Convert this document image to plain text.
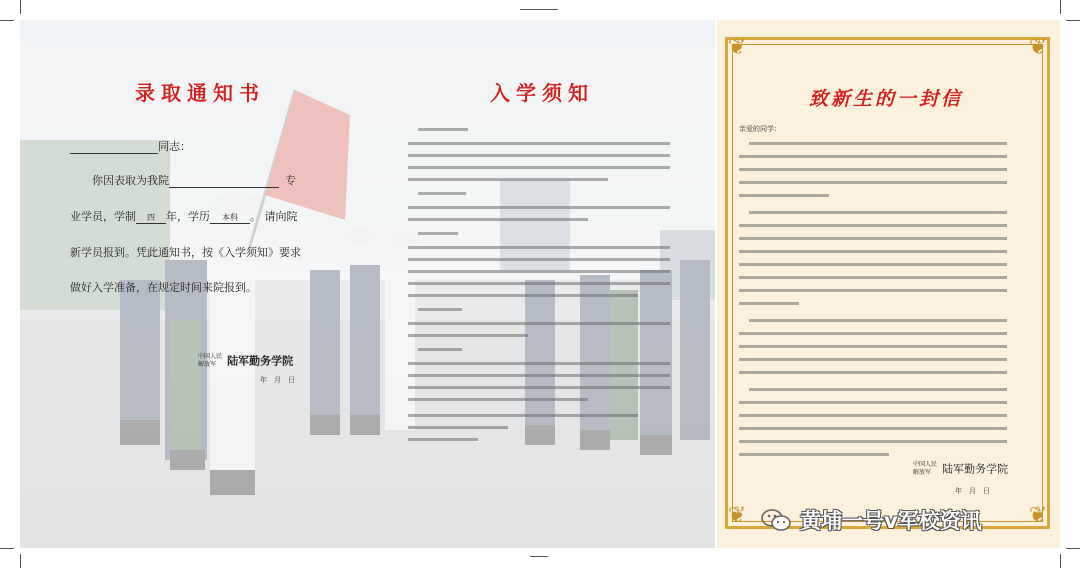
录取通知书
同志：
你因表取为我院	专
业学员，学制 四 年，学历 本科 。 请向院
新学员报到。凭此通知书，按《入学须知》要求
做好入学准备，在规定时间来院报到。
中国人民
解放军	陆军勤务学院
年　月　日
入学须知
❦	❦
❦	❦
致新生的一封信
亲爱的同学：
中国人民
解放军	陆军勤务学院
年　月　日
黄埔一号v军校资讯
